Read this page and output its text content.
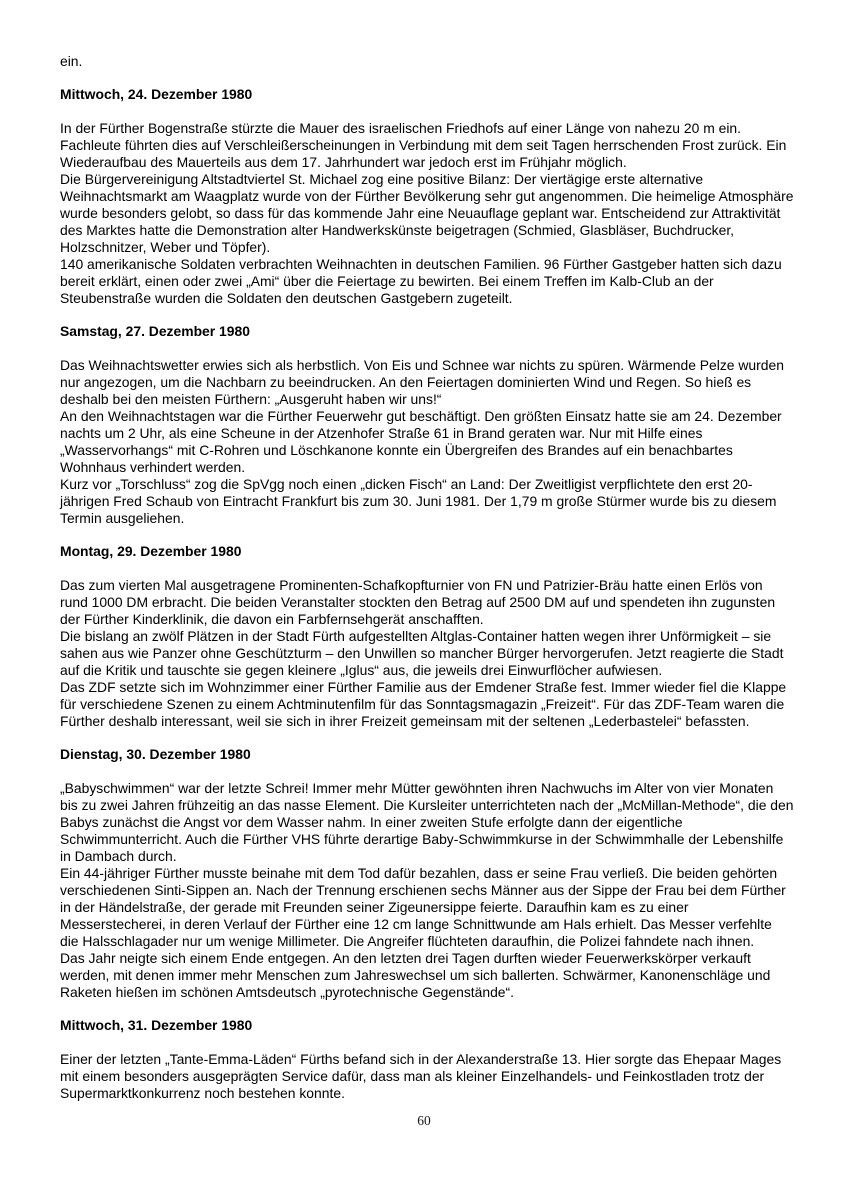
ein.

Mittwoch, 24. Dezember 1980

In der Fürther Bogenstraße stürzte die Mauer des israelischen Friedhofs auf einer Länge von nahezu 20 m ein. Fachleute führten dies auf Verschleißerscheinungen in Verbindung mit dem seit Tagen herrschenden Frost zurück. Ein Wiederaufbau des Mauerteils aus dem 17. Jahrhundert war jedoch erst im Frühjahr möglich.

Die Bürgervereinigung Altstadtviertel St. Michael zog eine positive Bilanz: Der viertägige erste alternative Weihnachtsmarkt am Waagplatz wurde von der Fürther Bevölkerung sehr gut angenommen. Die heimelige Atmosphäre wurde besonders gelobt, so dass für das kommende Jahr eine Neuauflage geplant war. Entscheidend zur Attraktivität des Marktes hatte die Demonstration alter Handwerkskünste beigetragen (Schmied, Glasbläser, Buchdrucker, Holzschnitzer, Weber und Töpfer).

140 amerikanische Soldaten verbrachten Weihnachten in deutschen Familien. 96 Fürther Gastgeber hatten sich dazu bereit erklärt, einen oder zwei „Ami“ über die Feiertage zu bewirten. Bei einem Treffen im Kalb-Club an der Steubenstraße wurden die Soldaten den deutschen Gastgebern zugeteilt.

Samstag, 27. Dezember 1980

Das Weihnachtswetter erwies sich als herbstlich. Von Eis und Schnee war nichts zu spüren. Wärmende Pelze wurden nur angezogen, um die Nachbarn zu beeindrucken. An den Feiertagen dominierten Wind und Regen. So hieß es deshalb bei den meisten Fürthern: „Ausgeruht haben wir uns!“

An den Weihnachtstagen war die Fürther Feuerwehr gut beschäftigt. Den größten Einsatz hatte sie am 24. Dezember nachts um 2 Uhr, als eine Scheune in der Atzenhofer Straße 61 in Brand geraten war. Nur mit Hilfe eines „Wasservorhangs“ mit C-Rohren und Löschkanone konnte ein Übergreifen des Brandes auf ein benachbartes Wohnhaus verhindert werden.

Kurz vor „Torschluss“ zog die SpVgg noch einen „dicken Fisch“ an Land: Der Zweitligist verpflichtete den erst 20-jährigen Fred Schaub von Eintracht Frankfurt bis zum 30. Juni 1981. Der 1,79 m große Stürmer wurde bis zu diesem Termin ausgeliehen.

Montag, 29. Dezember 1980

Das zum vierten Mal ausgetragene Prominenten-Schafkopfturnier von FN und Patrizier-Bräu hatte einen Erlös von rund 1000 DM erbracht. Die beiden Veranstalter stockten den Betrag auf 2500 DM auf und spendeten ihn zugunsten der Fürther Kinderklinik, die davon ein Farbfernsehgerät anschafften.

Die bislang an zwölf Plätzen in der Stadt Fürth aufgestellten Altglas-Container hatten wegen ihrer Unförmigkeit – sie sahen aus wie Panzer ohne Geschützturm – den Unwillen so mancher Bürger hervorgerufen. Jetzt reagierte die Stadt auf die Kritik und tauschte sie gegen kleinere „Iglus“ aus, die jeweils drei Einwurflöcher aufwiesen.

Das ZDF setzte sich im Wohnzimmer einer Fürther Familie aus der Emdener Straße fest. Immer wieder fiel die Klappe für verschiedene Szenen zu einem Achtminutenfilm für das Sonntagsmagazin „Freizeit“. Für das ZDF-Team waren die Fürther deshalb interessant, weil sie sich in ihrer Freizeit gemeinsam mit der seltenen „Lederbastelei“ befassten.

Dienstag, 30. Dezember 1980

„Babyschwimmen“ war der letzte Schrei! Immer mehr Mütter gewöhnten ihren Nachwuchs im Alter von vier Monaten bis zu zwei Jahren frühzeitig an das nasse Element. Die Kursleiter unterrichteten nach der „McMillan-Methode“, die den Babys zunächst die Angst vor dem Wasser nahm. In einer zweiten Stufe erfolgte dann der eigentliche Schwimmunterricht. Auch die Fürther VHS führte derartige Baby-Schwimmkurse in der Schwimmhalle der Lebenshilfe in Dambach durch.

Ein 44-jähriger Fürther musste beinahe mit dem Tod dafür bezahlen, dass er seine Frau verließ. Die beiden gehörten verschiedenen Sinti-Sippen an. Nach der Trennung erschienen sechs Männer aus der Sippe der Frau bei dem Fürther in der Händelstraße, der gerade mit Freunden seiner Zigeunersippe feierte. Daraufhin kam es zu einer Messerstecherei, in deren Verlauf der Fürther eine 12 cm lange Schnittwunde am Hals erhielt. Das Messer verfehlte die Halsschlagader nur um wenige Millimeter. Die Angreifer flüchteten daraufhin, die Polizei fahndete nach ihnen.

Das Jahr neigte sich einem Ende entgegen. An den letzten drei Tagen durften wieder Feuerwerkskörper verkauft werden, mit denen immer mehr Menschen zum Jahreswechsel um sich ballerten. Schwärmer, Kanonenschläge und Raketen hießen im schönen Amtsdeutsch „pyrotechnische Gegenstände“.

Mittwoch, 31. Dezember 1980

Einer der letzten „Tante-Emma-Läden“ Fürths befand sich in der Alexanderstraße 13. Hier sorgte das Ehepaar Mages mit einem besonders ausgeprägten Service dafür, dass man als kleiner Einzelhandels- und Feinkostladen trotz der Supermarktkonkurrenz noch bestehen konnte.

60
